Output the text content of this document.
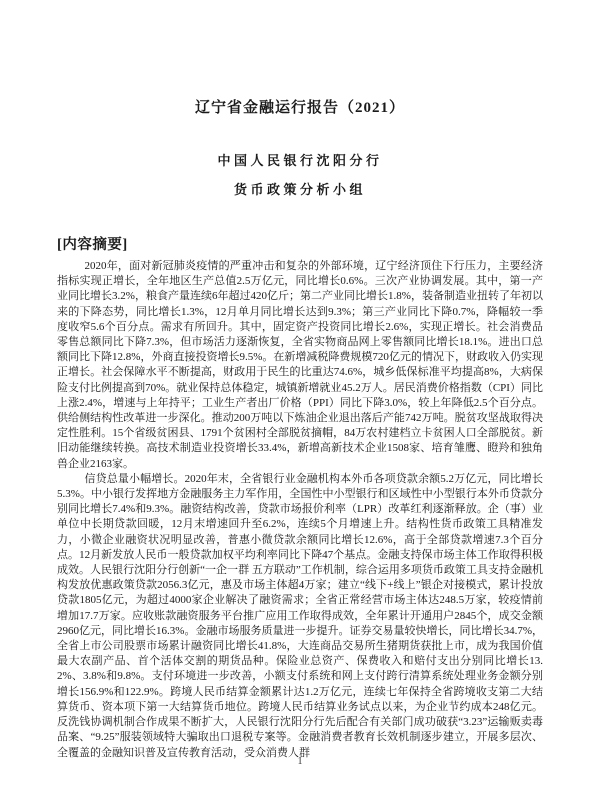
辽宁省金融运行报告（2021）
中国人民银行沈阳分行
货币政策分析小组
[内容摘要]

2020年，面对新冠肺炎疫情的严重冲击和复杂的外部环境，辽宁经济顶住下行压力，主要经济指标实现正增长，全年地区生产总值2.5万亿元，同比增长0.6%。三次产业协调发展。其中，第一产业同比增长3.2%，粮食产量连续6年超过420亿斤；第二产业同比增长1.8%，装备制造业扭转了年初以来的下降态势，同比增长1.3%，12月单月同比增长达到9.3%；第三产业同比下降0.7%，降幅较一季度收窄5.6个百分点。需求有所回升。其中，固定资产投资同比增长2.6%，实现正增长。社会消费品零售总额同比下降7.3%，但市场活力逐渐恢复，全省实物商品网上零售额同比增长18.1%。进出口总额同比下降12.8%，外商直接投资增长9.5%。在新增减税降费规模720亿元的情况下，财政收入仍实现正增长。社会保障水平不断提高，财政用于民生的比重达74.6%，城乡低保标准平均提高8%，大病保险支付比例提高到70%。就业保持总体稳定，城镇新增就业45.2万人。居民消费价格指数（CPI）同比上涨2.4%，增速与上年持平；工业生产者出厂价格（PPI）同比下降3.0%，较上年降低2.5个百分点。供给侧结构性改革进一步深化。推动200万吨以下炼油企业退出落后产能742万吨。脱贫攻坚战取得决定性胜利。15个省级贫困县、1791个贫困村全部脱贫摘帽，84万农村建档立卡贫困人口全部脱贫。新旧动能继续转换。高技术制造业投资增长33.4%，新增高新技术企业1508家、培育雏鹰、瞪羚和独角兽企业2163家。

信贷总量小幅增长。2020年末，全省银行业金融机构本外币各项贷款余额5.2万亿元，同比增长5.3%。中小银行发挥地方金融服务主力军作用，全国性中小型银行和区域性中小型银行本外币贷款分别同比增长7.4%和9.3%。融资结构改善，贷款市场报价利率（LPR）改革红利逐渐释放。企（事）业单位中长期贷款回暖，12月末增速回升至6.2%，连续5个月增速上升。结构性货币政策工具精准发力，小微企业融资状况明显改善，普惠小微贷款余额同比增长12.6%，高于全部贷款增速7.3个百分点。12月新发放人民币一般贷款加权平均利率同比下降47个基点。金融支持保市场主体工作取得积极成效。人民银行沈阳分行创新“一企一群 五方联动”工作机制，综合运用多项货币政策工具支持金融机构发放优惠政策贷款2056.3亿元，惠及市场主体超4万家；建立“线下+线上”银企对接模式，累计投放贷款1805亿元，为超过4000家企业解决了融资需求；全省正常经营市场主体达248.5万家，较疫情前增加17.7万家。应收账款融资服务平台推广应用工作取得成效，全年累计开通用户2845个，成交金额2960亿元，同比增长16.3%。金融市场服务质量进一步提升。证券交易量较快增长，同比增长34.7%，全省上市公司股票市场累计融资同比增长41.8%，大连商品交易所生猪期货获批上市，成为我国价值最大农副产品、首个活体交割的期货品种。保险业总资产、保费收入和赔付支出分别同比增长13.2%、3.8%和9.8%。支付环境进一步改善，小额支付系统和网上支付跨行清算系统处理业务金额分别增长156.9%和122.9%。跨境人民币结算金额累计达1.2万亿元，连续七年保持全省跨境收支第二大结算货币、资本项下第一大结算货币地位。跨境人民币结算业务试点以来，为企业节约成本248亿元。反洗钱协调机制合作成果不断扩大，人民银行沈阳分行先后配合有关部门成功破获“3.23”运输贩卖毒品案、“9.25”服装领域特大骗取出口退税专案等。金融消费者教育长效机制逐步建立，开展多层次、全覆盖的金融知识普及宣传教育活动，受众消费人群

1
